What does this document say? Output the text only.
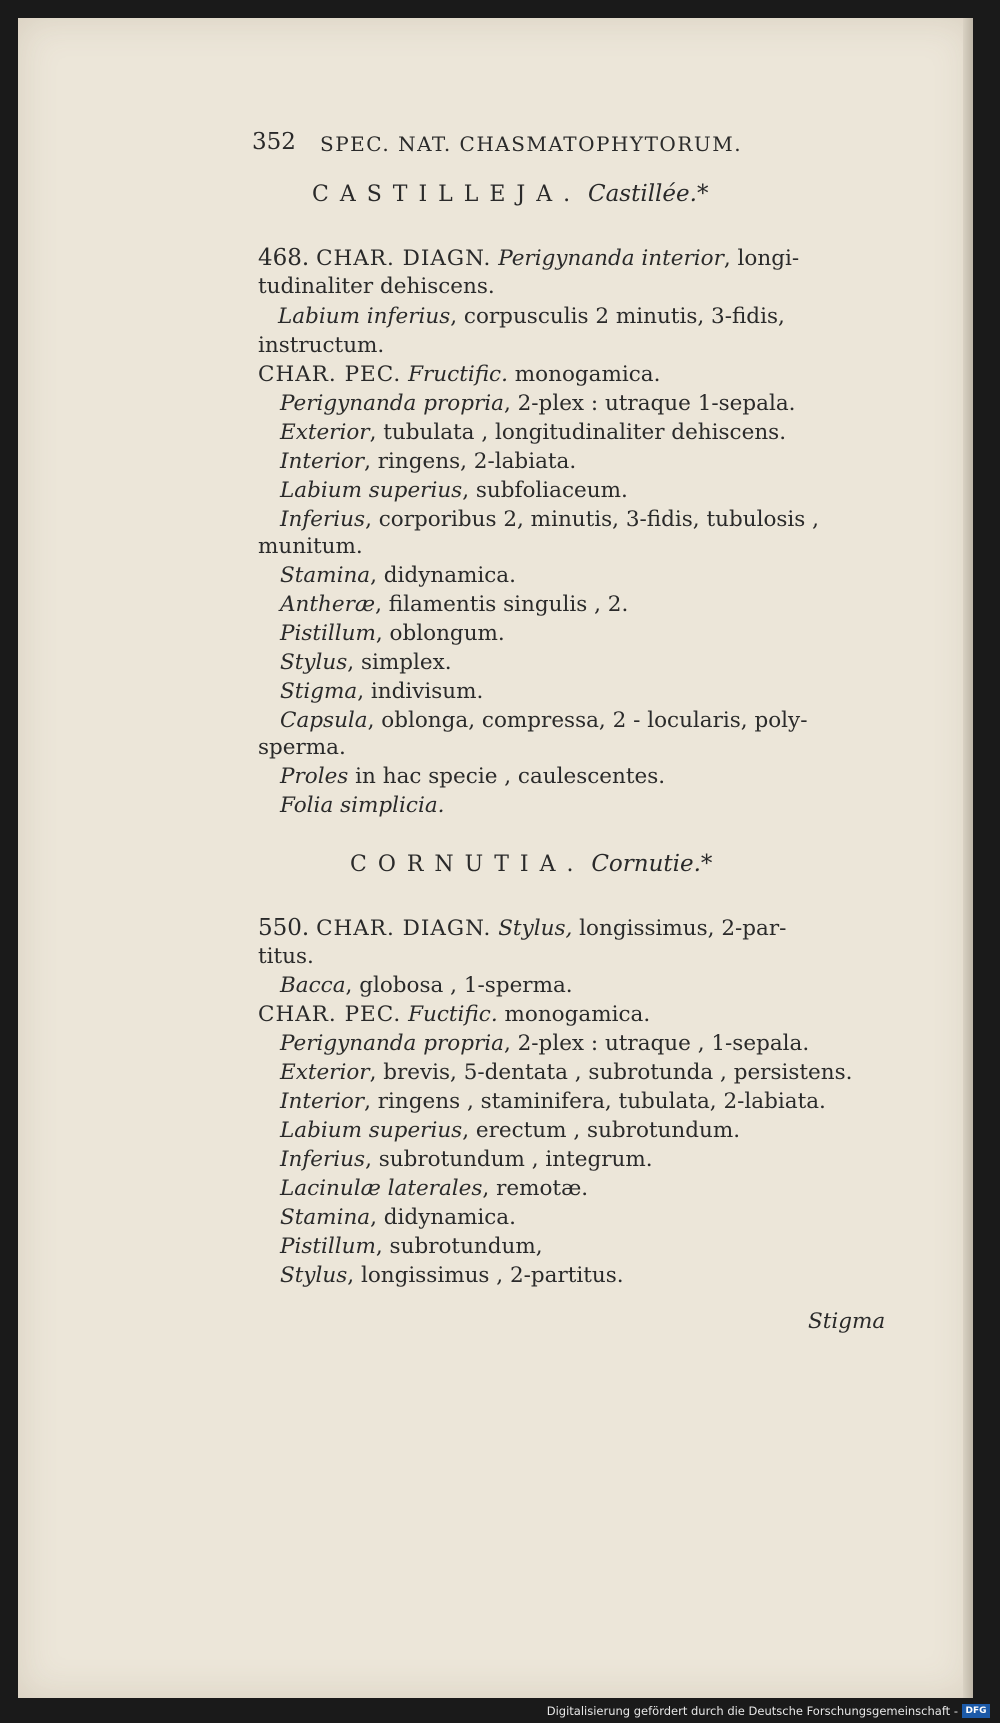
352 SPEC. NAT. CHASMATOPHYTORUM.
CASTILLEJA. Castillée.*
468. CHAR. DIAGN. Perigynanda interior, longi-
tudinaliter dehiscens.
Labium inferius, corpusculis 2 minutis, 3-fidis,
instructum.
CHAR. PEC. Fructific. monogamica.
Perigynanda propria, 2-plex : utraque 1-sepala.
Exterior, tubulata , longitudinaliter dehiscens.
Interior, ringens, 2-labiata.
Labium superius, subfoliaceum.
Inferius, corporibus 2, minutis, 3-fidis, tubulosis ,
munitum.
Stamina, didynamica.
Antheræ, filamentis singulis , 2.
Pistillum, oblongum.
Stylus, simplex.
Stigma, indivisum.
Capsula, oblonga, compressa, 2 - locularis, poly-
sperma.
Proles in hac specie , caulescentes.
Folia simplicia.
CORNUTIA. Cornutie.*
550. CHAR. DIAGN. Stylus, longissimus, 2-par-
titus.
Bacca, globosa , 1-sperma.
CHAR. PEC. Fuctific. monogamica.
Perigynanda propria, 2-plex : utraque , 1-sepala.
Exterior, brevis, 5-dentata , subrotunda , persistens.
Interior, ringens , staminifera, tubulata, 2-labiata.
Labium superius, erectum , subrotundum.
Inferius, subrotundum , integrum.
Lacinulæ laterales, remotæ.
Stamina, didynamica.
Pistillum, subrotundum,
Stylus, longissimus , 2-partitus.
Stigma
Digitalisierung gefördert durch die Deutsche Forschungsgemeinschaft - DFG
